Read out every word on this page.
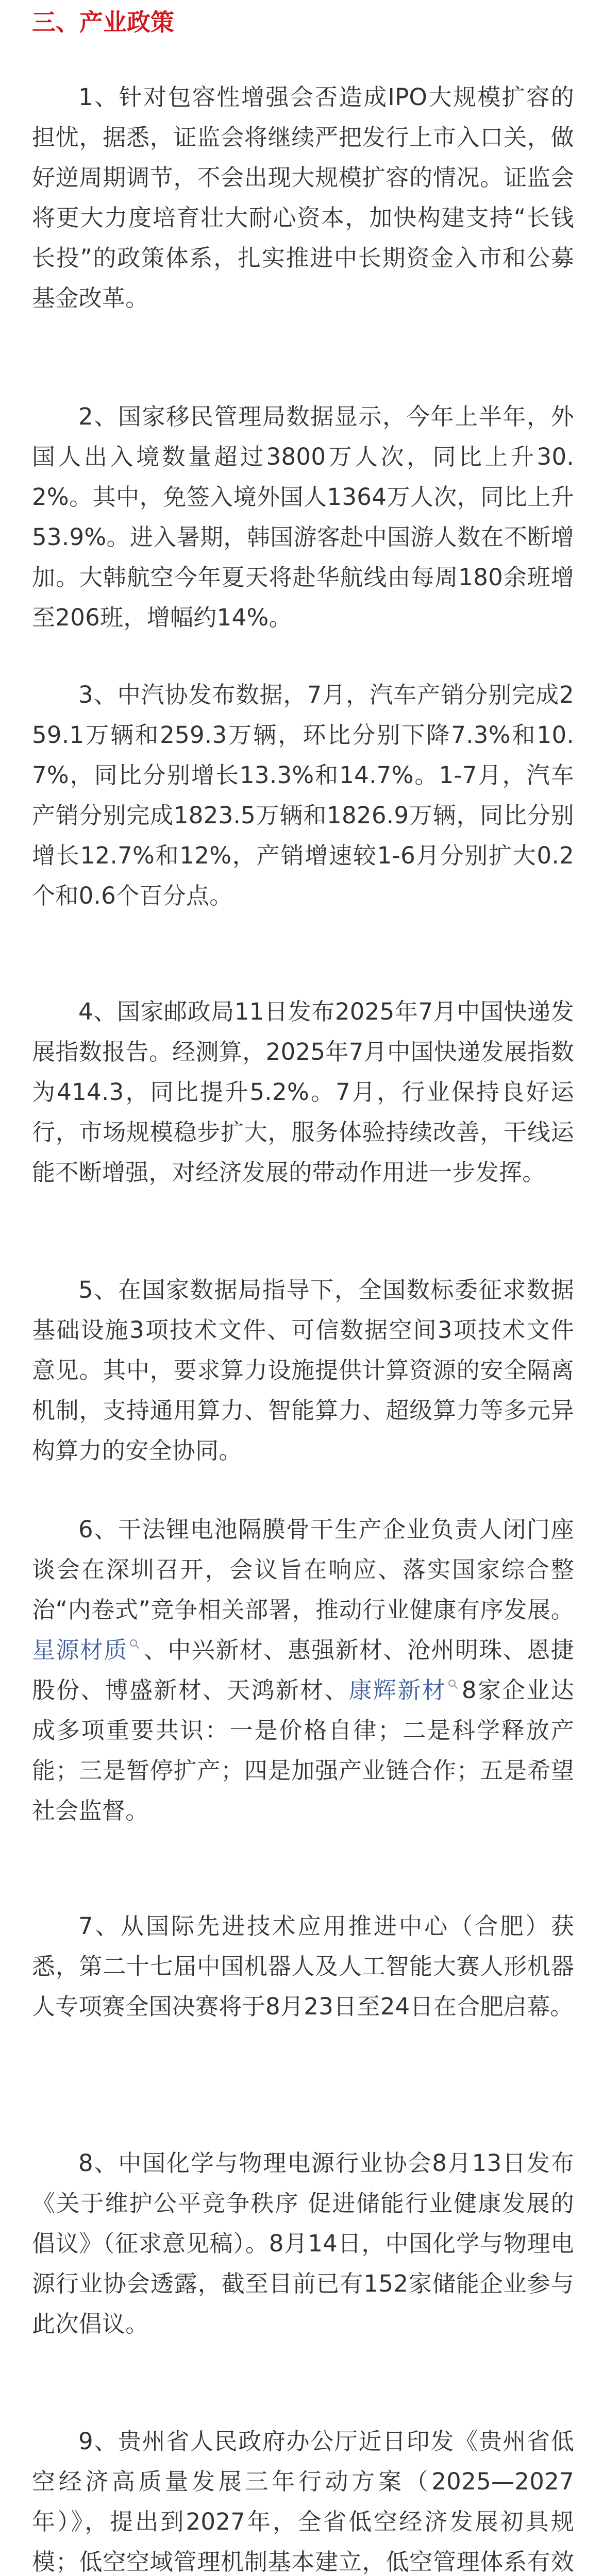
三、产业政策

1、针对包容性增强会否造成IPO大规模扩容的担忧，据悉，证监会将继续严把发行上市入口关，做好逆周期调节，不会出现大规模扩容的情况。证监会将更大力度培育壮大耐心资本，加快构建支持“长钱长投”的政策体系，扎实推进中长期资金入市和公募基金改革。

2、国家移民管理局数据显示，今年上半年，外国人出入境数量超过3800万人次，同比上升30.2%。其中，免签入境外国人1364万人次，同比上升53.9%。进入暑期，韩国游客赴中国游人数在不断增加。大韩航空今年夏天将赴华航线由每周180余班增至206班，增幅约14%。

3、中汽协发布数据，7月，汽车产销分别完成259.1万辆和259.3万辆，环比分别下降7.3%和10.7%，同比分别增长13.3%和14.7%。1-7月，汽车产销分别完成1823.5万辆和1826.9万辆，同比分别增长12.7%和12%，产销增速较1-6月分别扩大0.2个和0.6个百分点。

4、国家邮政局11日发布2025年7月中国快递发展指数报告。经测算，2025年7月中国快递发展指数为414.3，同比提升5.2%。7月，行业保持良好运行，市场规模稳步扩大，服务体验持续改善，干线运能不断增强，对经济发展的带动作用进一步发挥。

5、在国家数据局指导下，全国数标委征求数据基础设施3项技术文件、可信数据空间3项技术文件意见。其中，要求算力设施提供计算资源的安全隔离机制，支持通用算力、智能算力、超级算力等多元异构算力的安全协同。

6、干法锂电池隔膜骨干生产企业负责人闭门座谈会在深圳召开，会议旨在响应、落实国家综合整治“内卷式”竞争相关部署，推动行业健康有序发展。星源材质 、中兴新材、惠强新材、沧州明珠、恩捷股份、博盛新材、天鸿新材、康辉新材 8家企业达成多项重要共识：一是价格自律；二是科学释放产能；三是暂停扩产；四是加强产业链合作；五是希望社会监督。

7、从国际先进技术应用推进中心（合肥）获悉，第二十七届中国机器人及人工智能大赛人形机器人专项赛全国决赛将于8月23日至24日在合肥启幕。

8、中国化学与物理电源行业协会8月13日发布《关于维护公平竞争秩序 促进储能行业健康发展的倡议》（征求意见稿）。8月14日，中国化学与物理电源行业协会透露，截至目前已有152家储能企业参与此次倡议。

9、贵州省人民政府办公厅近日印发《贵州省低空经济高质量发展三年行动方案（2025—2027年）》，提出到2027年，全省低空经济发展初具规模；低空空域管理机制基本建立，低空管理体系有效
